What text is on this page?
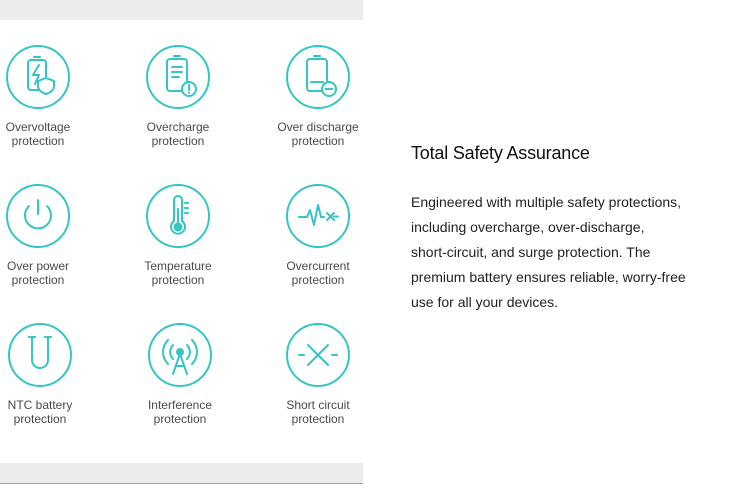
Overvoltage
protection
Overcharge
protection
Over discharge
protection
Over power
protection
Temperature
protection
Overcurrent
protection
NTC battery
protection
Interference
protection
Short circuit
protection
Total Safety Assurance

Engineered with multiple safety protections,
including overcharge, over-discharge,
short-circuit, and surge protection. The
premium battery ensures reliable, worry-free
use for all your devices.
